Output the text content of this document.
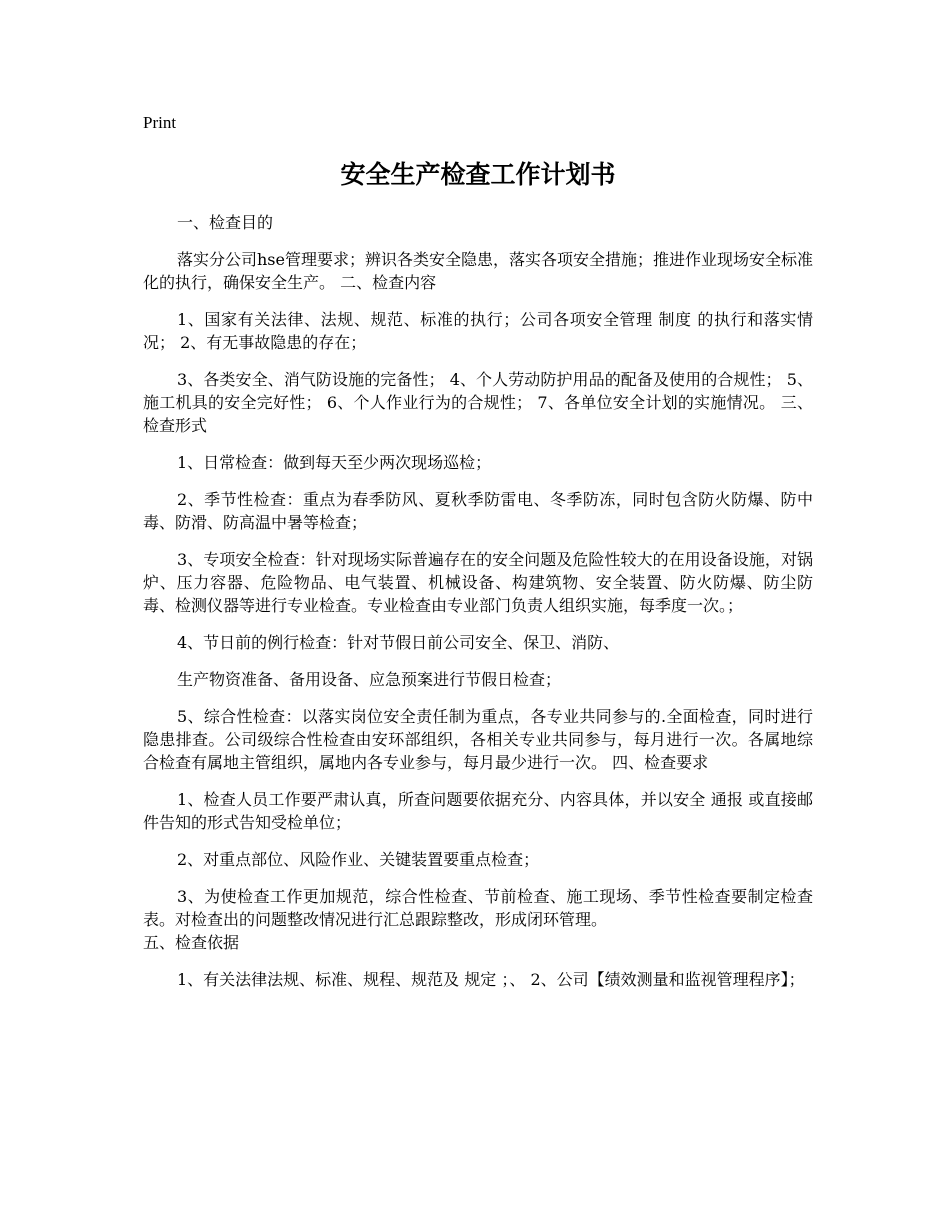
Print
安全生产检查工作计划书

一、检查目的

落实分公司hse管理要求；辨识各类安全隐患，落实各项安全措施；推进作业现场安全标准化的执行，确保安全生产。 二、检查内容

1、国家有关法律、法规、规范、标准的执行；公司各项安全管理 制度 的执行和落实情况； 2、有无事故隐患的存在；

3、各类安全、消气防设施的完备性； 4、个人劳动防护用品的配备及使用的合规性； 5、施工机具的安全完好性； 6、个人作业行为的合规性； 7、各单位安全计划的实施情况。 三、检查形式

1、日常检查：做到每天至少两次现场巡检；

2、季节性检查：重点为春季防风、夏秋季防雷电、冬季防冻，同时包含防火防爆、防中毒、防滑、防高温中暑等检查；

3、专项安全检查：针对现场实际普遍存在的安全问题及危险性较大的在用设备设施，对锅炉、压力容器、危险物品、电气装置、机械设备、构建筑物、安全装置、防火防爆、防尘防毒、检测仪器等进行专业检查。专业检查由专业部门负责人组织实施，每季度一次。；

4、节日前的例行检查：针对节假日前公司安全、保卫、消防、

生产物资准备、备用设备、应急预案进行节假日检查；

5、综合性检查：以落实岗位安全责任制为重点，各专业共同参与的.全面检查，同时进行隐患排查。公司级综合性检查由安环部组织，各相关专业共同参与，每月进行一次。各属地综合检查有属地主管组织，属地内各专业参与，每月最少进行一次。 四、检查要求

1、检查人员工作要严肃认真，所查问题要依据充分、内容具体，并以安全 通报 或直接邮件告知的形式告知受检单位；

2、对重点部位、风险作业、关键装置要重点检查；

3、为使检查工作更加规范，综合性检查、节前检查、施工现场、季节性检查要制定检查表。对检查出的问题整改情况进行汇总跟踪整改，形成闭环管理。

五、检查依据

1、有关法律法规、标准、规程、规范及 规定 ；、 2、公司【绩效测量和监视管理程序】；
